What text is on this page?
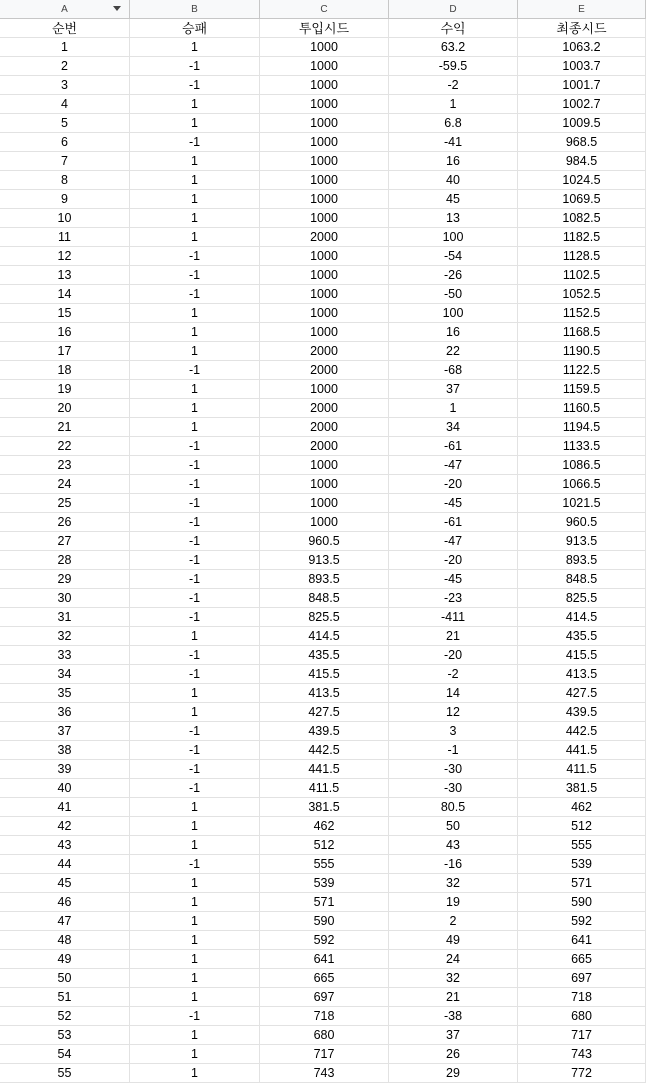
A	B	C	D	E
순번	승패	투입시드	수익	최종시드
1	1	1000	63.2	1063.2
2	-1	1000	-59.5	1003.7
3	-1	1000	-2	1001.7
4	1	1000	1	1002.7
5	1	1000	6.8	1009.5
6	-1	1000	-41	968.5
7	1	1000	16	984.5
8	1	1000	40	1024.5
9	1	1000	45	1069.5
10	1	1000	13	1082.5
11	1	2000	100	1182.5
12	-1	1000	-54	1128.5
13	-1	1000	-26	1102.5
14	-1	1000	-50	1052.5
15	1	1000	100	1152.5
16	1	1000	16	1168.5
17	1	2000	22	1190.5
18	-1	2000	-68	1122.5
19	1	1000	37	1159.5
20	1	2000	1	1160.5
21	1	2000	34	1194.5
22	-1	2000	-61	1133.5
23	-1	1000	-47	1086.5
24	-1	1000	-20	1066.5
25	-1	1000	-45	1021.5
26	-1	1000	-61	960.5
27	-1	960.5	-47	913.5
28	-1	913.5	-20	893.5
29	-1	893.5	-45	848.5
30	-1	848.5	-23	825.5
31	-1	825.5	-411	414.5
32	1	414.5	21	435.5
33	-1	435.5	-20	415.5
34	-1	415.5	-2	413.5
35	1	413.5	14	427.5
36	1	427.5	12	439.5
37	-1	439.5	3	442.5
38	-1	442.5	-1	441.5
39	-1	441.5	-30	411.5
40	-1	411.5	-30	381.5
41	1	381.5	80.5	462
42	1	462	50	512
43	1	512	43	555
44	-1	555	-16	539
45	1	539	32	571
46	1	571	19	590
47	1	590	2	592
48	1	592	49	641
49	1	641	24	665
50	1	665	32	697
51	1	697	21	718
52	-1	718	-38	680
53	1	680	37	717
54	1	717	26	743
55	1	743	29	772
